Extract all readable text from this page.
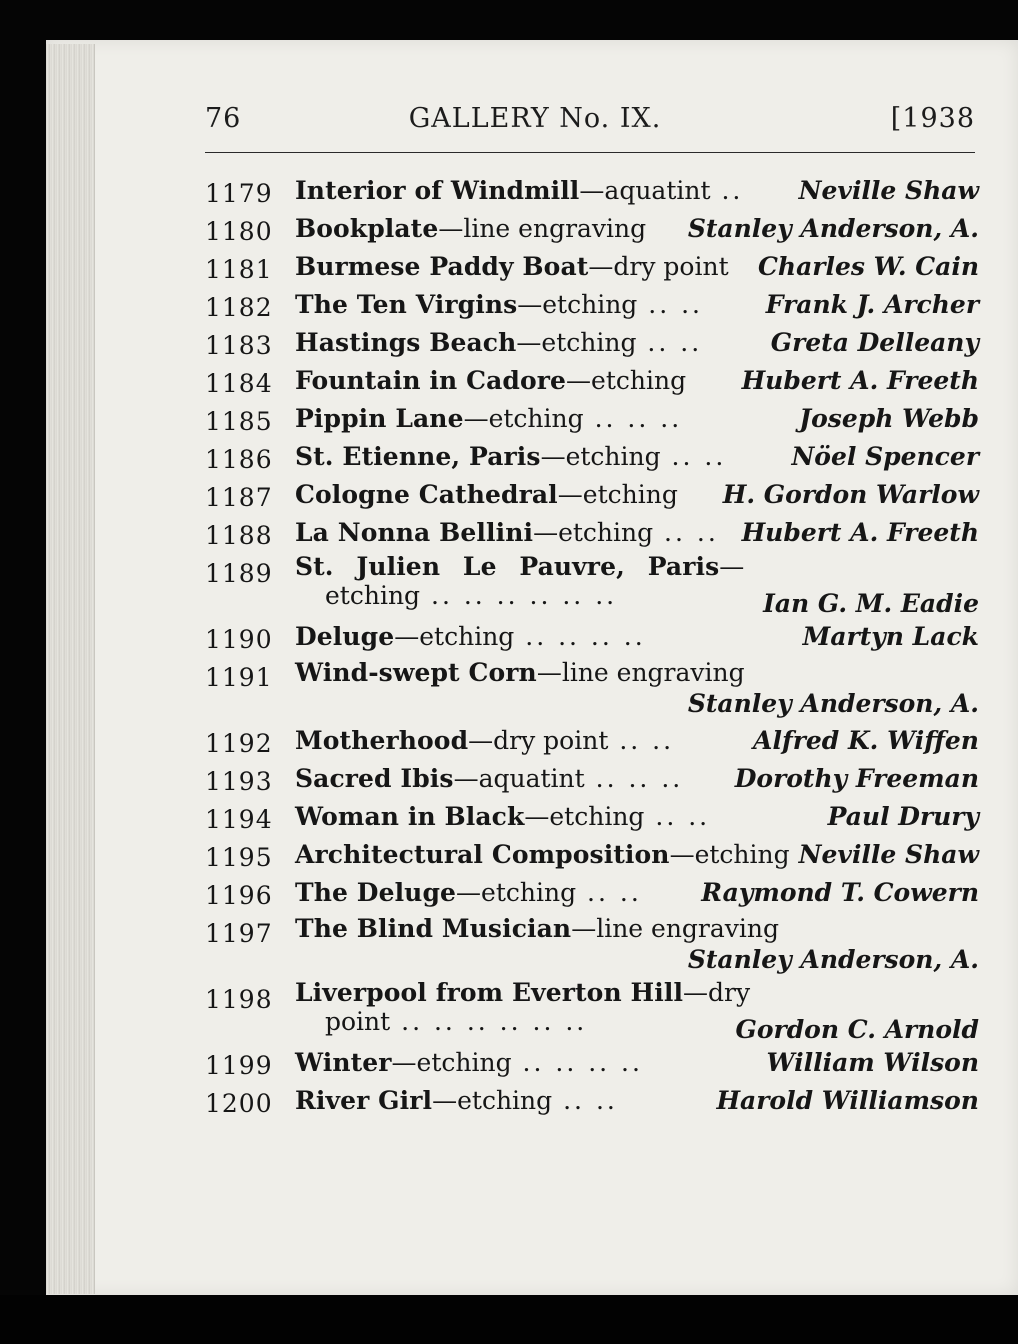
76	GALLERY No. IX.	[1938
1179 Interior of Windmill—aquatint .. Neville Shaw
1180 Bookplate—line engraving Stanley Anderson, A.
1181 Burmese Paddy Boat—dry point Charles W. Cain
1182 The Ten Virgins—etching .. ..	Frank J. Archer
1183 Hastings Beach—etching .. ..	Greta Delleany
1184 Fountain in Cadore—etching Hubert A. Freeth
1185 Pippin Lane—etching .. .. ..	Joseph Webb
1186 St. Etienne, Paris—etching .. ..	Nöel Spencer
1187 Cologne Cathedral—etching H. Gordon Warlow
1188 La Nonna Bellini—etching .. .. Hubert A. Freeth
1189 St. Julien Le Pauvre, Paris—
etching .. .. .. .. .. ..	Ian G. M. Eadie
1190 Deluge—etching .. .. .. ..	Martyn Lack
1191 Wind-swept Corn—line engraving
Stanley Anderson, A.
1192 Motherhood—dry point .. ..	Alfred K. Wiffen
1193 Sacred Ibis—aquatint .. .. .. Dorothy Freeman
1194 Woman in Black—etching .. ..	Paul Drury
1195 Architectural Composition—etching Neville Shaw
1196 The Deluge—etching .. .. Raymond T. Cowern
1197 The Blind Musician—line engraving
Stanley Anderson, A.
1198 Liverpool from Everton Hill—dry
point .. .. .. .. .. ..	Gordon C. Arnold
1199 Winter—etching .. .. .. ..	William Wilson
1200 River Girl—etching .. ..	Harold Williamson
